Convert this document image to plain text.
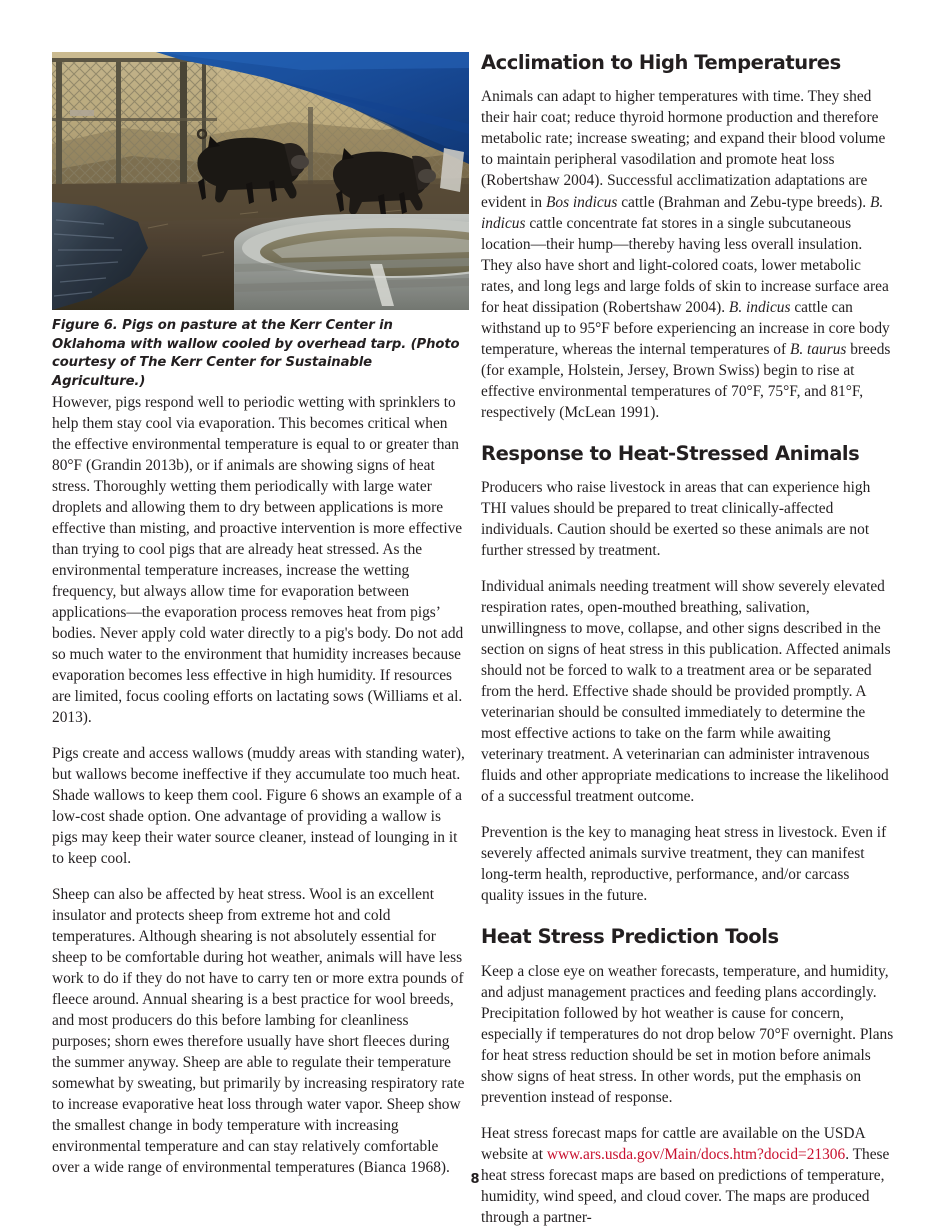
Figure 6. Pigs on pasture at the Kerr Center in Oklahoma with wallow cooled by overhead tarp. (Photo courtesy of The Kerr Center for Sustainable Agriculture.)

However, pigs respond well to periodic wetting with sprinklers to help them stay cool via evaporation. This becomes critical when the effective environmental temperature is equal to or greater than 80°F (Grandin 2013b), or if animals are showing signs of heat stress. Thoroughly wetting them periodically with large water droplets and allowing them to dry between applications is more effective than misting, and proactive intervention is more effective than trying to cool pigs that are already heat stressed. As the environmental temperature increases, increase the wetting frequency, but always allow time for evaporation between applications—the evaporation process removes heat from pigs’ bodies. Never apply cold water directly to a pig's body. Do not add so much water to the environment that humidity increases because evaporation becomes less effective in high humidity. If resources are limited, focus cooling efforts on lactating sows (Williams et al. 2013).

Pigs create and access wallows (muddy areas with standing water), but wallows become ineffective if they accumulate too much heat. Shade wallows to keep them cool. Figure 6 shows an example of a low-cost shade option. One advantage of providing a wallow is pigs may keep their water source cleaner, instead of lounging in it to keep cool.

Sheep can also be affected by heat stress. Wool is an excellent insulator and protects sheep from extreme hot and cold temperatures. Although shearing is not absolutely essential for sheep to be comfortable during hot weather, animals will have less work to do if they do not have to carry ten or more extra pounds of fleece around. Annual shearing is a best practice for wool breeds, and most producers do this before lambing for cleanliness purposes; shorn ewes therefore usually have short fleeces during the summer anyway. Sheep are able to regulate their temperature somewhat by sweating, but primarily by increasing respiratory rate to increase evaporative heat loss through water vapor. Sheep show the smallest change in body temperature with increasing environmental temperature and can stay relatively comfortable over a wide range of environmental temperatures (Bianca 1968).

Acclimation to High Temperatures

Animals can adapt to higher temperatures with time. They shed their hair coat; reduce thyroid hormone production and therefore metabolic rate; increase sweating; and expand their blood volume to maintain peripheral vasodilation and promote heat loss (Robertshaw 2004). Successful acclimatization adaptations are evident in Bos indicus cattle (Brahman and Zebu-type breeds). B. indicus cattle concentrate fat stores in a single subcutaneous location—their hump—thereby having less overall insulation. They also have short and light-colored coats, lower metabolic rates, and long legs and large folds of skin to increase surface area for heat dissipation (Robertshaw 2004). B. indicus cattle can withstand up to 95°F before experiencing an increase in core body temperature, whereas the internal temperatures of B. taurus breeds (for example, Holstein, Jersey, Brown Swiss) begin to rise at effective environmental temperatures of 70°F, 75°F, and 81°F, respectively (McLean 1991).

Response to Heat-Stressed Animals

Producers who raise livestock in areas that can experience high THI values should be prepared to treat clinically-affected individuals. Caution should be exerted so these animals are not further stressed by treatment.

Individual animals needing treatment will show severely elevated respiration rates, open-mouthed breathing, salivation, unwillingness to move, collapse, and other signs described in the section on signs of heat stress in this publication. Affected animals should not be forced to walk to a treatment area or be separated from the herd. Effective shade should be provided promptly. A veterinarian should be consulted immediately to determine the most effective actions to take on the farm while awaiting veterinary treatment. A veterinarian can administer intravenous fluids and other appropriate medications to increase the likelihood of a successful treatment outcome.

Prevention is the key to managing heat stress in livestock. Even if severely affected animals survive treatment, they can manifest long-term health, reproductive, performance, and/or carcass quality issues in the future.

Heat Stress Prediction Tools

Keep a close eye on weather forecasts, temperature, and humidity, and adjust management practices and feeding plans accordingly. Precipitation followed by hot weather is cause for concern, especially if temperatures do not drop below 70°F overnight. Plans for heat stress reduction should be set in motion before animals show signs of heat stress. In other words, put the emphasis on prevention instead of response.

Heat stress forecast maps for cattle are available on the USDA website at www.ars.usda.gov/Main/docs.htm?docid=21306. These heat stress forecast maps are based on predictions of temperature, humidity, wind speed, and cloud cover. The maps are produced through a partner-

8
